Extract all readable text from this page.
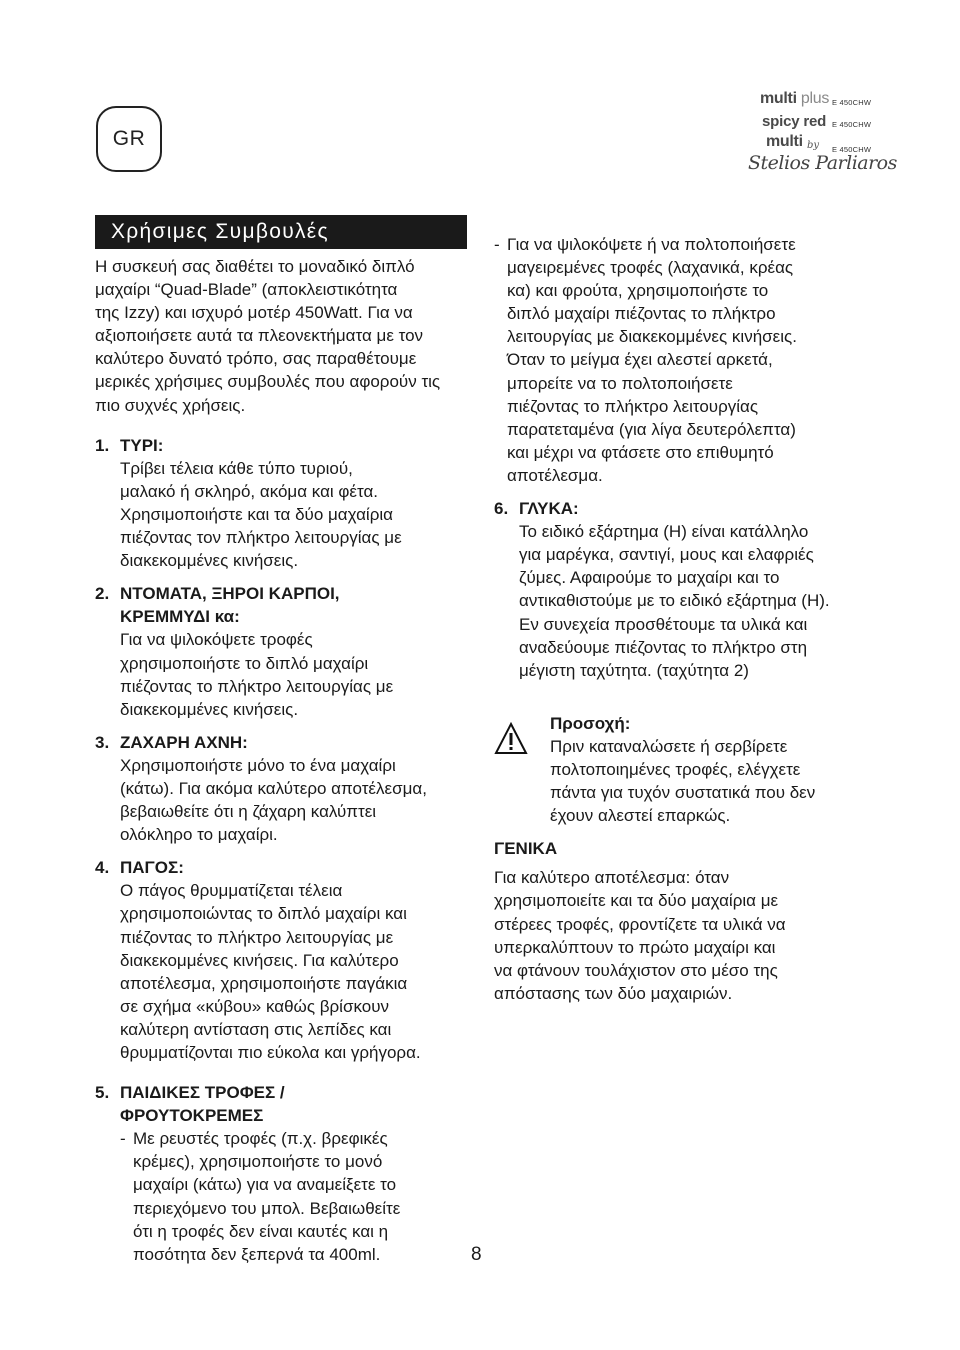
GR
multi plus
spicy red
multi by
Stelios Parliaros
E 450CHW
E 450CHW
E 450CHW
Χρήσιμες Συμβουλές

Η συσκευή σας διαθέτει το μοναδικό διπλό

μαχαίρι “Quad-Blade” (αποκλειστικότητα

της Izzy) και ισχυρό μοτέρ 450Watt. Για να

αξιοποιήσετε αυτά τα πλεονεκτήματα με τον

καλύτερο δυνατό τρόπο, σας παραθέτουμε

μερικές χρήσιμες συμβουλές που αφορούν τις

πιο συχνές χρήσεις.

1. ΤΥΡΙ:

Τρίβει τέλεια κάθε τύπο τυριού,

μαλακό ή σκληρό, ακόμα και φέτα.

Χρησιμοποιήστε και τα δύο μαχαίρια

πιέζοντας τον πλήκτρο λειτουργίας με

διακεκομμένες κινήσεις.

2. ΝΤΟΜΑΤΑ, ΞΗΡΟΙ ΚΑΡΠΟΙ,

ΚΡΕΜΜΥΔΙ κα:

Για να ψιλοκόψετε τροφές

χρησιμοποιήστε το διπλό μαχαίρι

πιέζοντας το πλήκτρο λειτουργίας με

διακεκομμένες κινήσεις.

3. ΖΑΧΑΡΗ ΑΧΝΗ:

Χρησιμοποιήστε μόνο το ένα μαχαίρι

(κάτω). Για ακόμα καλύτερο αποτέλεσμα,

βεβαιωθείτε ότι η ζάχαρη καλύπτει

ολόκληρο το μαχαίρι.

4. ΠΑΓΟΣ:

Ο πάγος θρυμματίζεται τέλεια

χρησιμοποιώντας το διπλό μαχαίρι και

πιέζοντας το πλήκτρο λειτουργίας με

διακεκομμένες κινήσεις. Για καλύτερο

αποτέλεσμα, χρησιμοποιήστε παγάκια

σε σχήμα «κύβου» καθώς βρίσκουν

καλύτερη αντίσταση στις λεπίδες και

θρυμματίζονται πιο εύκολα και γρήγορα.

5. ΠΑΙΔΙΚΕΣ ΤΡΟΦΕΣ /

ΦΡΟΥΤΟΚΡΕΜΕΣ

- Με ρευστές τροφές (π.χ. βρεφικές

κρέμες), χρησιμοποιήστε το μονό

μαχαίρι (κάτω) για να αναμείξετε το

περιεχόμενο του μπολ. Βεβαιωθείτε

ότι η τροφές δεν είναι καυτές και η

ποσότητα δεν ξεπερνά τα 400ml.

- Για να ψιλοκόψετε ή να πολτοποιήσετε

μαγειρεμένες τροφές (λαχανικά, κρέας

κα) και φρούτα, χρησιμοποιήστε το

διπλό μαχαίρι πιέζοντας το πλήκτρο

λειτουργίας με διακεκομμένες κινήσεις.

Όταν το μείγμα έχει αλεστεί αρκετά,

μπορείτε να το πολτοποιήσετε

πιέζοντας το πλήκτρο λειτουργίας

παρατεταμένα (για λίγα δευτερόλεπτα)

και μέχρι να φτάσετε στο επιθυμητό

αποτέλεσμα.

6. ΓΛΥΚΑ:

Το ειδικό εξάρτημα (Η) είναι κατάλληλο

για μαρέγκα, σαντιγί, μους και ελαφριές

ζύμες. Αφαιρούμε το μαχαίρι και το

αντικαθιστούμε με το ειδικό εξάρτημα (Η).

Εν συνεχεία προσθέτουμε τα υλικά και

αναδεύουμε πιέζοντας το πλήκτρο στη

μέγιστη ταχύτητα. (ταχύτητα 2)

Προσοχή:

Πριν καταναλώσετε ή σερβίρετε

πολτοποιημένες τροφές, ελέγχετε

πάντα για τυχόν συστατικά που δεν

έχουν αλεστεί επαρκώς.

ΓΕΝΙΚΑ

Για καλύτερο αποτέλεσμα: όταν

χρησιμοποιείτε και τα δύο μαχαίρια με

στέρεες τροφές, φροντίζετε τα υλικά να

υπερκαλύπτουν το πρώτο μαχαίρι και

να φτάνουν τουλάχιστον στο μέσο της

απόστασης των δύο μαχαιριών.

8
